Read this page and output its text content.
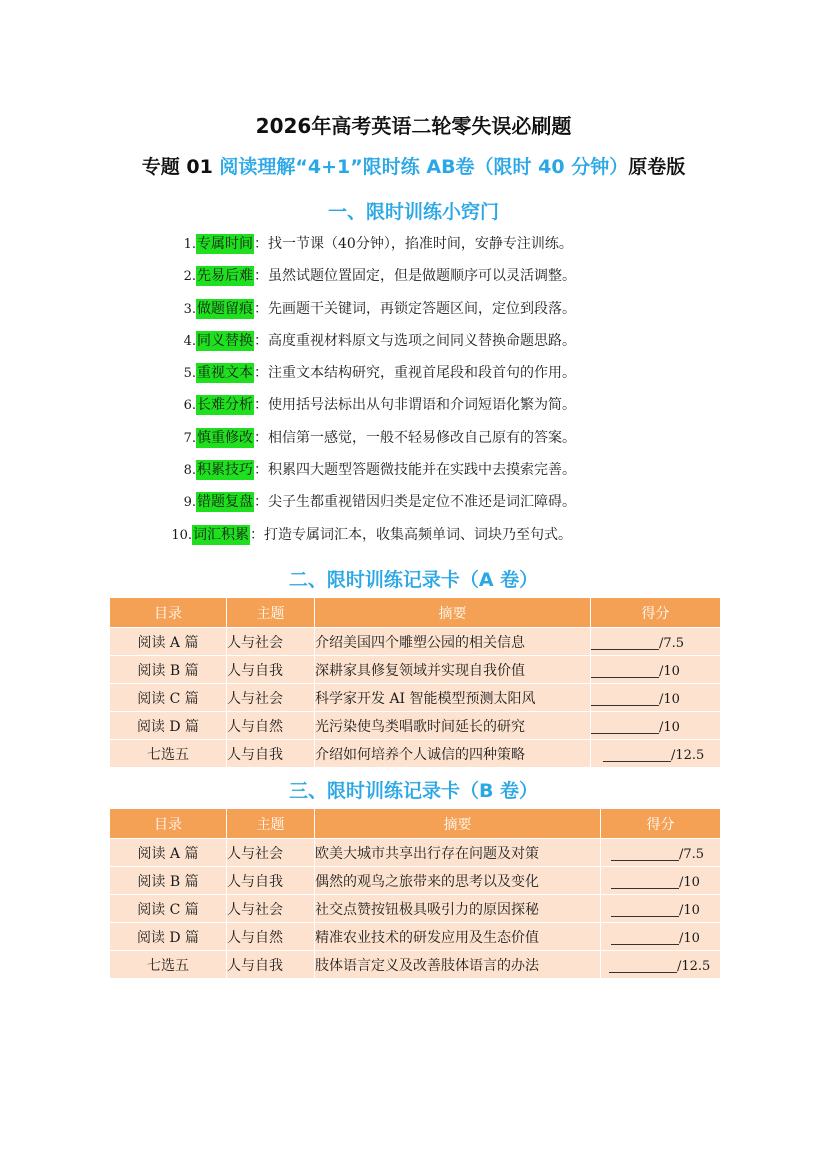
2026年高考英语二轮零失误必刷题
专题 01 阅读理解“4+1”限时练 AB卷（限时 40 分钟）原卷版
一、限时训练小窍门
1.专属时间：找一节课（40分钟），掐准时间，安静专注训练。
2.先易后难：虽然试题位置固定，但是做题顺序可以灵活调整。
3.做题留痕：先画题干关键词，再锁定答题区间，定位到段落。
4.同义替换：高度重视材料原文与选项之间同义替换命题思路。
5.重视文本：注重文本结构研究，重视首尾段和段首句的作用。
6.长难分析：使用括号法标出从句非谓语和介词短语化繁为简。
7.慎重修改：相信第一感觉，一般不轻易修改自己原有的答案。
8.积累技巧：积累四大题型答题微技能并在实践中去摸索完善。
9.错题复盘：尖子生都重视错因归类是定位不准还是词汇障碍。
10.词汇积累：打造专属词汇本，收集高频单词、词块乃至句式。
二、限时训练记录卡（A 卷）
目录	主题	摘要	得分
阅读 A 篇	人与社会	介绍美国四个雕塑公园的相关信息	/7.5
阅读 B 篇	人与自我	深耕家具修复领域并实现自我价值	/10
阅读 C 篇	人与社会	科学家开发 AI 智能模型预测太阳风	/10
阅读 D 篇	人与自然	光污染使鸟类唱歌时间延长的研究	/10
七选五	人与自我	介绍如何培养个人诚信的四种策略	/12.5
三、限时训练记录卡（B 卷）
目录	主题	摘要	得分
阅读 A 篇	人与社会	欧美大城市共享出行存在问题及对策	/7.5
阅读 B 篇	人与自我	偶然的观鸟之旅带来的思考以及变化	/10
阅读 C 篇	人与社会	社交点赞按钮极具吸引力的原因探秘	/10
阅读 D 篇	人与自然	精准农业技术的研发应用及生态价值	/10
七选五	人与自我	肢体语言定义及改善肢体语言的办法	/12.5
